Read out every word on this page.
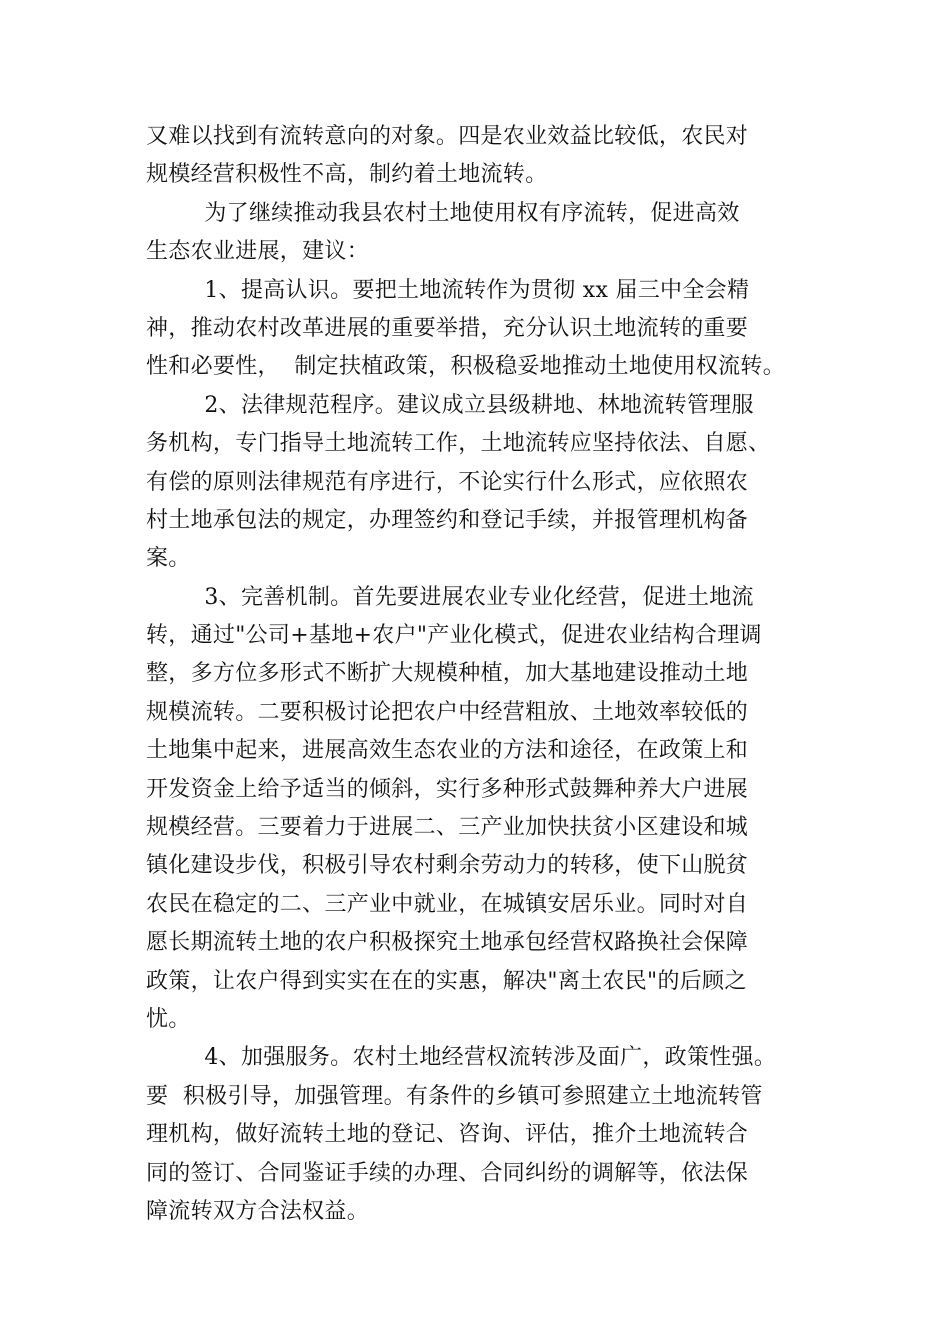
又难以找到有流转意向的对象。四是农业效益比较低，农民对
规模经营积极性不高，制约着土地流转。
为了继续推动我县农村土地使用权有序流转，促进高效
生态农业进展，建议：
1、提高认识。要把土地流转作为贯彻 xx 届三中全会精
神，推动农村改革进展的重要举措，充分认识土地流转的重要
性和必要性，  制定扶植政策，积极稳妥地推动土地使用权流转。
2、法律规范程序。建议成立县级耕地、林地流转管理服
务机构，专门指导土地流转工作，土地流转应坚持依法、自愿、
有偿的原则法律规范有序进行，不论实行什么形式，应依照农
村土地承包法的规定，办理签约和登记手续，并报管理机构备
案。
3、完善机制。首先要进展农业专业化经营，促进土地流
转，通过"公司+基地+农户"产业化模式，促进农业结构合理调
整，多方位多形式不断扩大规模种植，加大基地建设推动土地
规模流转。二要积极讨论把农户中经营粗放、土地效率较低的
土地集中起来，进展高效生态农业的方法和途径，在政策上和
开发资金上给予适当的倾斜，实行多种形式鼓舞种养大户进展
规模经营。三要着力于进展二、三产业加快扶贫小区建设和城
镇化建设步伐，积极引导农村剩余劳动力的转移，使下山脱贫
农民在稳定的二、三产业中就业，在城镇安居乐业。同时对自
愿长期流转土地的农户积极探究土地承包经营权路换社会保障
政策，让农户得到实实在在的实惠，解决"离土农民"的后顾之
忧。
4、加强服务。农村土地经营权流转涉及面广，政策性强。
要  积极引导，加强管理。有条件的乡镇可参照建立土地流转管
理机构，做好流转土地的登记、咨询、评估，推介土地流转合
同的签订、合同鉴证手续的办理、合同纠纷的调解等，依法保
障流转双方合法权益。
